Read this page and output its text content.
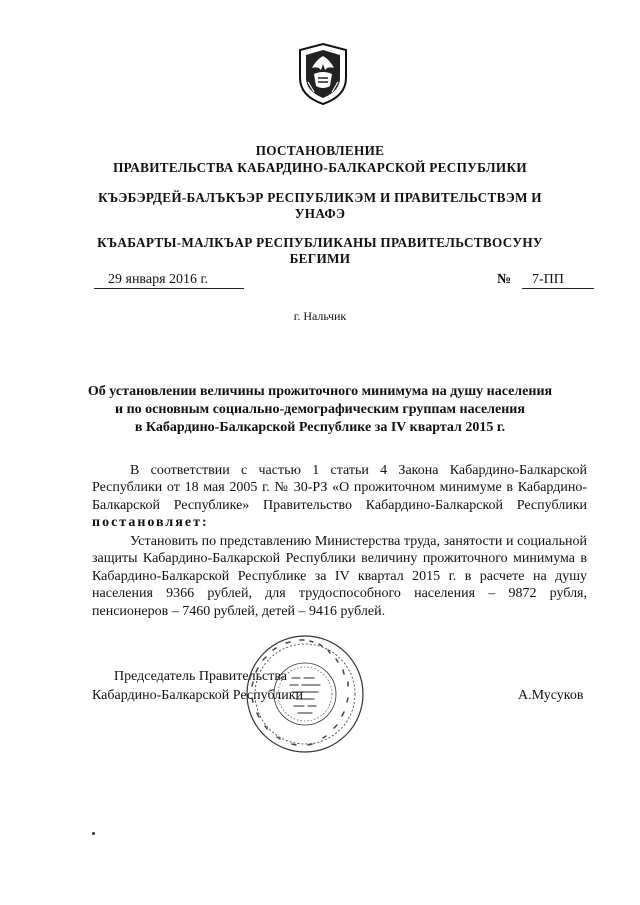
ПОСТАНОВЛЕНИЕ
ПРАВИТЕЛЬСТВА КАБАРДИНО-БАЛКАРСКОЙ РЕСПУБЛИКИ
КЪЭБЭРДЕЙ-БАЛЪКЪЭР РЕСПУБЛИКЭМ И ПРАВИТЕЛЬСТВЭМ И
УНАФЭ
КЪАБАРТЫ-МАЛКЪАР РЕСПУБЛИКАНЫ ПРАВИТЕЛЬСТВОСУНУ
БЕГИМИ
29 января 2016 г.	№	7-ПП
г. Нальчик
Об установлении величины прожиточного минимума на душу населения
и по основным социально-демографическим группам населения
в Кабардино-Балкарской Республике за IV квартал 2015 г.
В соответствии с частью 1 статьи 4 Закона Кабардино-Балкарской Республики от 18 мая 2005 г. № 30-РЗ «О прожиточном минимуме в Кабардино-Балкарской Республике» Правительство Кабардино-Балкарской Республики постановляет:
Установить по представлению Министерства труда, занятости и социальной защиты Кабардино-Балкарской Республики величину прожиточного минимума в Кабардино-Балкарской Республике за IV квартал 2015 г. в расчете на душу населения 9366 рублей, для трудоспособного населения – 9872 рубля, пенсионеров – 7460 рублей, детей – 9416 рублей.
Председатель Правительства
Кабардино-Балкарской Республики	А.Мусуков
